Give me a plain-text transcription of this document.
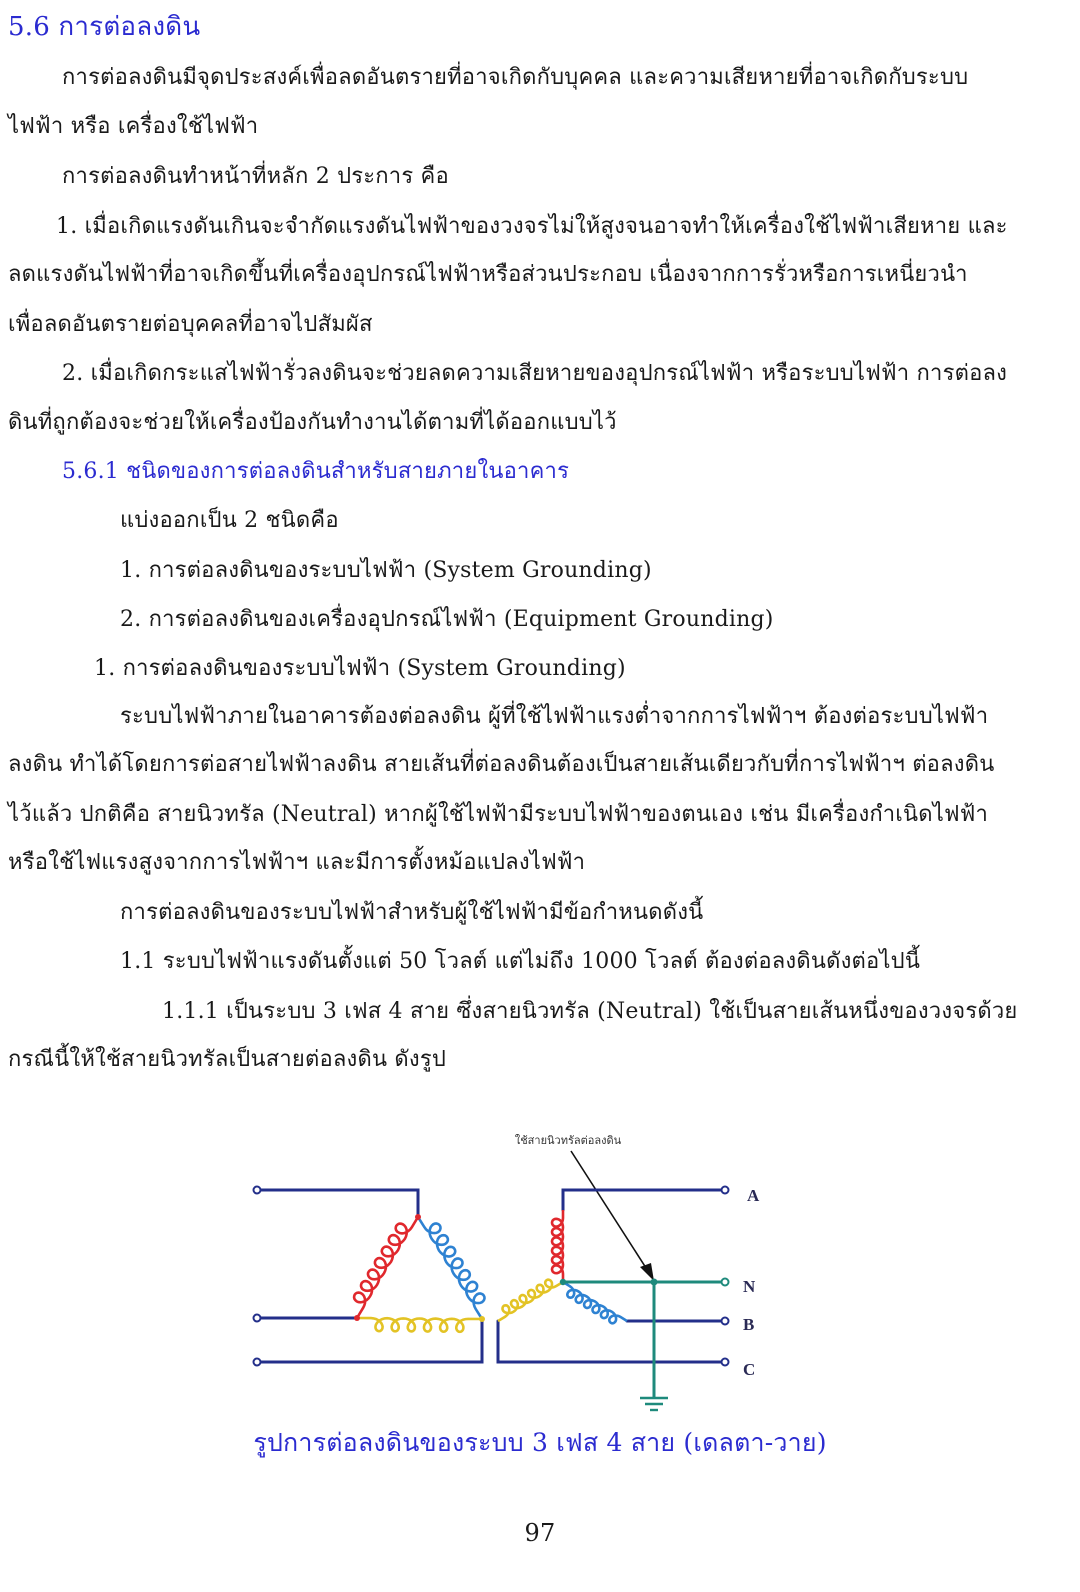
5.6 การต่อลงดิน

การต่อลงดินมีจุดประสงค์เพื่อลดอันตรายที่อาจเกิดกับบุคคล และความเสียหายที่อาจเกิดกับระบบ

ไฟฟ้า หรือ เครื่องใช้ไฟฟ้า

การต่อลงดินทำหน้าที่หลัก 2 ประการ คือ

1. เมื่อเกิดแรงดันเกินจะจำกัดแรงดันไฟฟ้าของวงจรไม่ให้สูงจนอาจทำให้เครื่องใช้ไฟฟ้าเสียหาย และ

ลดแรงดันไฟฟ้าที่อาจเกิดขึ้นที่เครื่องอุปกรณ์ไฟฟ้าหรือส่วนประกอบ เนื่องจากการรั่วหรือการเหนี่ยวนำ

เพื่อลดอันตรายต่อบุคคลที่อาจไปสัมผัส

2. เมื่อเกิดกระแสไฟฟ้ารั่วลงดินจะช่วยลดความเสียหายของอุปกรณ์ไฟฟ้า หรือระบบไฟฟ้า การต่อลง

ดินที่ถูกต้องจะช่วยให้เครื่องป้องกันทำงานได้ตามที่ได้ออกแบบไว้

5.6.1 ชนิดของการต่อลงดินสำหรับสายภายในอาคาร

แบ่งออกเป็น 2 ชนิดคือ

1. การต่อลงดินของระบบไฟฟ้า (System Grounding)

2. การต่อลงดินของเครื่องอุปกรณ์ไฟฟ้า (Equipment Grounding)

1. การต่อลงดินของระบบไฟฟ้า (System Grounding)

ระบบไฟฟ้าภายในอาคารต้องต่อลงดิน ผู้ที่ใช้ไฟฟ้าแรงต่ำจากการไฟฟ้าฯ ต้องต่อระบบไฟฟ้า

ลงดิน ทำได้โดยการต่อสายไฟฟ้าลงดิน สายเส้นที่ต่อลงดินต้องเป็นสายเส้นเดียวกับที่การไฟฟ้าฯ ต่อลงดิน

ไว้แล้ว ปกติคือ สายนิวทรัล (Neutral) หากผู้ใช้ไฟฟ้ามีระบบไฟฟ้าของตนเอง เช่น มีเครื่องกำเนิดไฟฟ้า

หรือใช้ไฟแรงสูงจากการไฟฟ้าฯ และมีการตั้งหม้อแปลงไฟฟ้า

การต่อลงดินของระบบไฟฟ้าสำหรับผู้ใช้ไฟฟ้ามีข้อกำหนดดังนี้

1.1 ระบบไฟฟ้าแรงดันตั้งแต่ 50 โวลต์ แต่ไม่ถึง 1000 โวลต์ ต้องต่อลงดินดังต่อไปนี้

1.1.1 เป็นระบบ 3 เฟส 4 สาย ซึ่งสายนิวทรัล (Neutral) ใช้เป็นสายเส้นหนึ่งของวงจรด้วย

กรณีนี้ให้ใช้สายนิวทรัลเป็นสายต่อลงดิน ดังรูป

ใช้สายนิวทรัลต่อลงดิน
A
N
B
C

รูปการต่อลงดินของระบบ 3 เฟส 4 สาย (เดลตา-วาย)

97
